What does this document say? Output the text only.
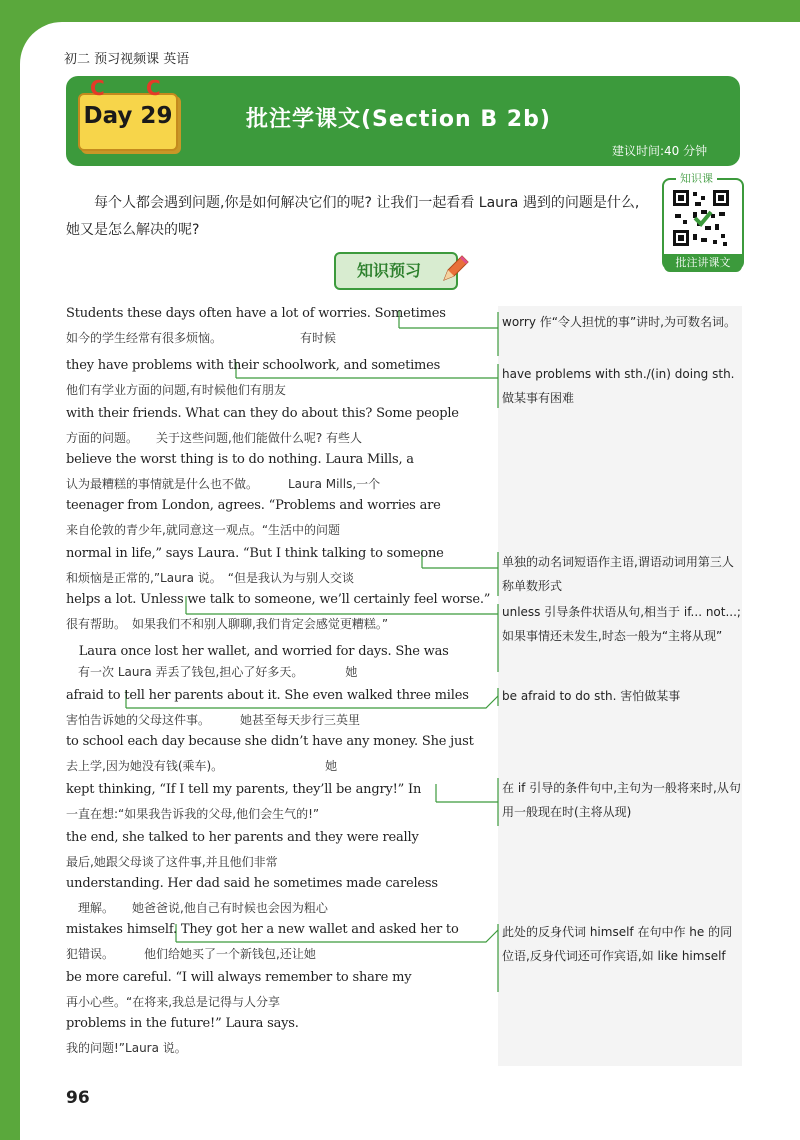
初二 预习视频课 英语
C C
Day 29	批注学课文(Section B 2b)
建议时间:40 分钟
每个人都会遇到问题,你是如何解决它们的呢? 让我们一起看看 Laura 遇到的问题是什么,她又是怎么解决的呢?
知识课
批注讲课文
知识预习
Students these days often have a lot of worries. Sometimes
如今的学生经常有很多烦恼。　　　　　　　有时候
they have problems with their schoolwork, and sometimes
他们有学业方面的问题,有时候他们有朋友
with their friends. What can they do about this? Some people
方面的问题。　　关于这些问题,他们能做什么呢? 有些人
believe the worst thing is to do nothing. Laura Mills, a
认为最糟糕的事情就是什么也不做。　　　Laura Mills,一个
teenager from London, agrees. “Problems and worries are
来自伦敦的青少年,就同意这一观点。“生活中的问题
normal in life,” says Laura. “But I think talking to someone
和烦恼是正常的,”Laura 说。　“但是我认为与别人交谈
helps a lot. Unless we talk to someone, we’ll certainly feel worse.”
很有帮助。　如果我们不和别人聊聊,我们肯定会感觉更糟糕。”
　Laura once lost her wallet, and worried for days. She was
　有一次 Laura 弄丢了钱包,担心了好多天。　　　　她
afraid to tell her parents about it. She even walked three miles
害怕告诉她的父母这件事。　　　她甚至每天步行三英里
to school each day because she didn’t have any money. She just
去上学,因为她没有钱(乘车)。　　　　　　　　　她
kept thinking, “If I tell my parents, they’ll be angry!” In
一直在想:“如果我告诉我的父母,他们会生气的!”
the end, she talked to her parents and they were really
最后,她跟父母谈了这件事,并且他们非常
understanding. Her dad said he sometimes made careless
　理解。　　她爸爸说,他自己有时候也会因为粗心
mistakes himself. They got her a new wallet and asked her to
犯错误。　　　他们给她买了一个新钱包,还让她
be more careful. “I will always remember to share my
再小心些。“在将来,我总是记得与人分享
problems in the future!” Laura says.
我的问题!”Laura 说。
worry 作“令人担忧的事”讲时,为可数名词。
have problems with sth./(in) doing sth. 做某事有困难
单独的动名词短语作主语,谓语动词用第三人称单数形式
unless 引导条件状语从句,相当于 if... not...;如果事情还未发生,时态一般为“主将从现”
be afraid to do sth. 害怕做某事
在 if 引导的条件句中,主句为一般将来时,从句用一般现在时(主将从现)
此处的反身代词 himself 在句中作 he 的同位语,反身代词还可作宾语,如 like himself
96
